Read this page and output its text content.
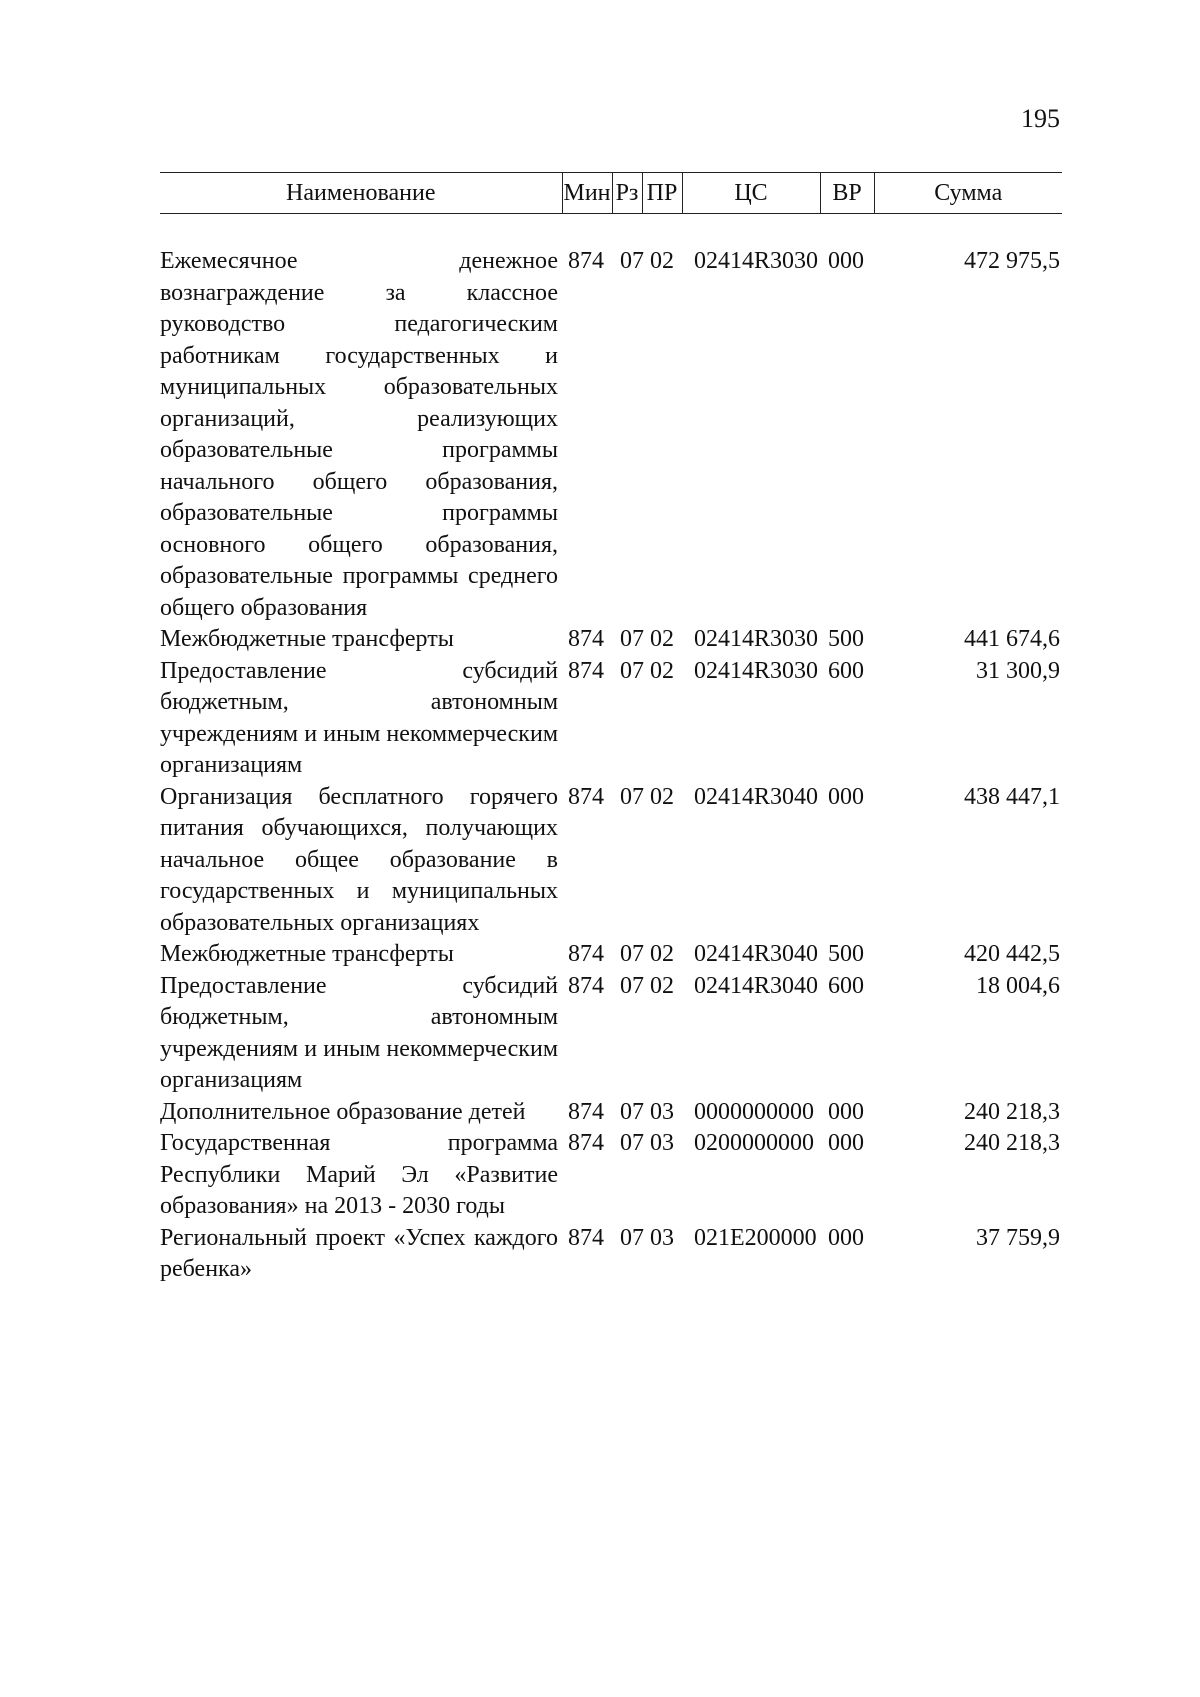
195
Наименование	Мин	Рз	ПР	ЦС	ВР	Сумма

Ежемесячное денежное вознаграждение за классное руководство педагогическим работникам государственных и муниципальных образовательных организаций, реализующих образовательные программы начального общего образования, образовательные программы основного общего образования, образовательные программы среднего общего образования	874	07	02	02414R3030	000	472 975,5
Межбюджетные трансферты	874	07	02	02414R3030	500	441 674,6
Предоставление субсидий бюджетным, автономным учреждениям и иным некоммерческим организациям	874	07	02	02414R3030	600	31 300,9
Организация бесплатного горячего питания обучающихся, получающих начальное общее образование в государственных и муниципальных образовательных организациях	874	07	02	02414R3040	000	438 447,1
Межбюджетные трансферты	874	07	02	02414R3040	500	420 442,5
Предоставление субсидий бюджетным, автономным учреждениям и иным некоммерческим организациям	874	07	02	02414R3040	600	18 004,6
Дополнительное образование детей	874	07	03	0000000000	000	240 218,3
Государственная программа Республики Марий Эл «Развитие образования» на 2013 - 2030 годы	874	07	03	0200000000	000	240 218,3
Региональный проект «Успех каждого ребенка»	874	07	03	021E200000	000	37 759,9
